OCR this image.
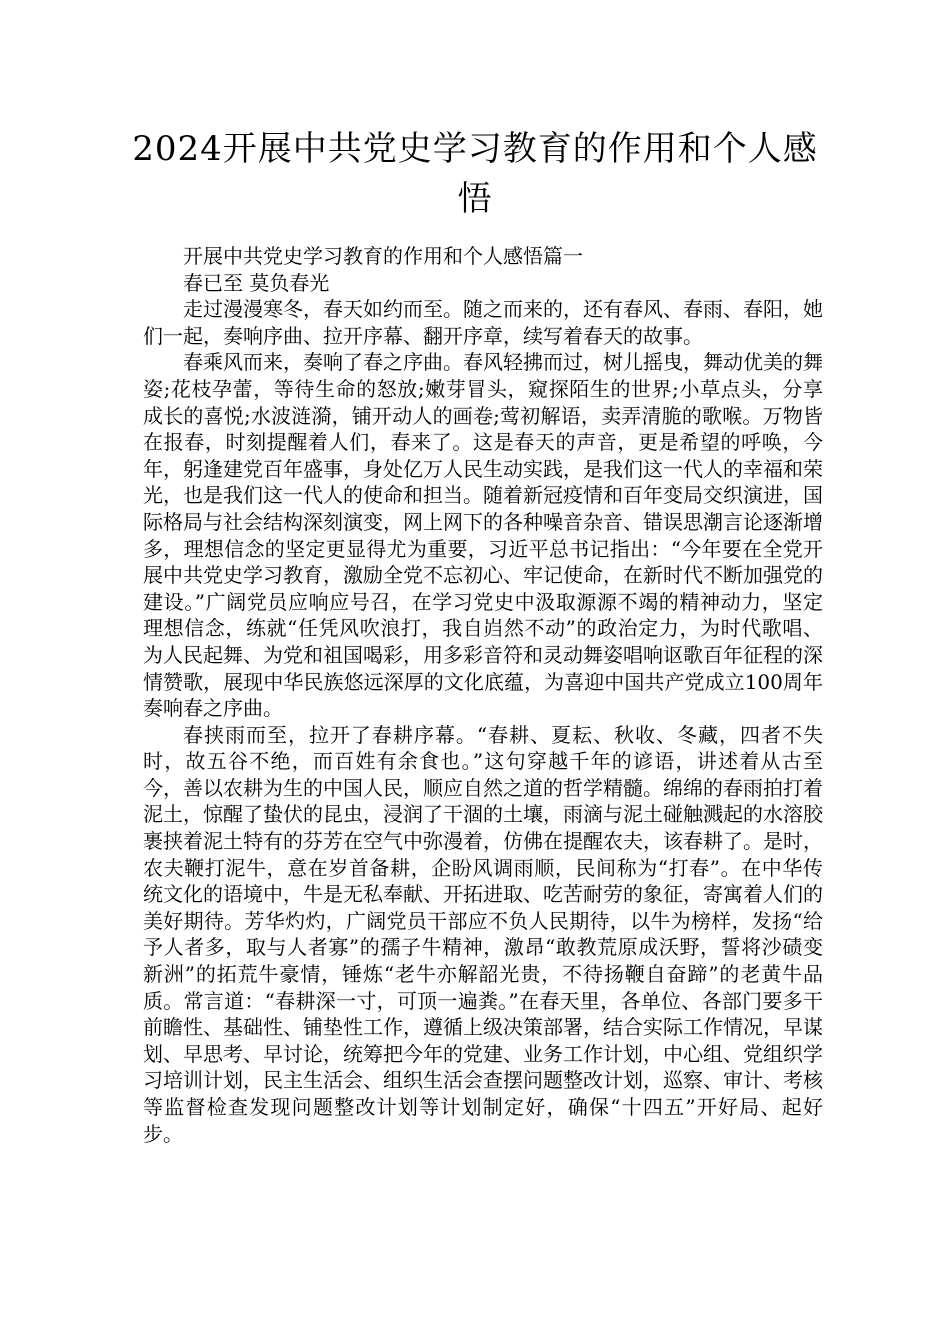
2024开展中共党史学习教育的作用和个人感悟

开展中共党史学习教育的作用和个人感悟篇一

春已至 莫负春光

走过漫漫寒冬，春天如约而至。随之而来的，还有春风、春雨、春阳，她们一起，奏响序曲、拉开序幕、翻开序章，续写着春天的故事。

春乘风而来，奏响了春之序曲。春风轻拂而过，树儿摇曳，舞动优美的舞姿;花枝孕蕾，等待生命的怒放;嫩芽冒头，窥探陌生的世界;小草点头，分享成长的喜悦;水波涟漪，铺开动人的画卷;莺初解语，卖弄清脆的歌喉。万物皆在报春，时刻提醒着人们，春来了。这是春天的声音，更是希望的呼唤，今年，躬逢建党百年盛事，身处亿万人民生动实践，是我们这一代人的幸福和荣光，也是我们这一代人的使命和担当。随着新冠疫情和百年变局交织演进，国际格局与社会结构深刻演变，网上网下的各种噪音杂音、错误思潮言论逐渐增多，理想信念的坚定更显得尤为重要，习近平总书记指出：“今年要在全党开展中共党史学习教育，激励全党不忘初心、牢记使命，在新时代不断加强党的建设。”广阔党员应响应号召，在学习党史中汲取源源不竭的精神动力，坚定理想信念，练就“任凭风吹浪打，我自岿然不动”的政治定力，为时代歌唱、为人民起舞、为党和祖国喝彩，用多彩音符和灵动舞姿唱响讴歌百年征程的深情赞歌，展现中华民族悠远深厚的文化底蕴，为喜迎中国共产党成立100周年奏响春之序曲。

春挟雨而至，拉开了春耕序幕。“春耕、夏耘、秋收、冬藏，四者不失时，故五谷不绝，而百姓有余食也。”这句穿越千年的谚语，讲述着从古至今，善以农耕为生的中国人民，顺应自然之道的哲学精髓。绵绵的春雨拍打着泥土，惊醒了蛰伏的昆虫，浸润了干涸的土壤，雨滴与泥土碰触溅起的水溶胶裹挟着泥土特有的芬芳在空气中弥漫着，仿佛在提醒农夫，该春耕了。是时，农夫鞭打泥牛，意在岁首备耕，企盼风调雨顺，民间称为“打春”。在中华传统文化的语境中，牛是无私奉献、开拓进取、吃苦耐劳的象征，寄寓着人们的美好期待。芳华灼灼，广阔党员干部应不负人民期待，以牛为榜样，发扬“给予人者多，取与人者寡”的孺子牛精神，激昂“敢教荒原成沃野，誓将沙碛变新洲”的拓荒牛豪情，锤炼“老牛亦解韶光贵，不待扬鞭自奋蹄”的老黄牛品质。常言道：“春耕深一寸，可顶一遍粪。”在春天里，各单位、各部门要多干前瞻性、基础性、铺垫性工作，遵循上级决策部署，结合实际工作情况，早谋划、早思考、早讨论，统筹把今年的党建、业务工作计划，中心组、党组织学习培训计划，民主生活会、组织生活会查摆问题整改计划，巡察、审计、考核等监督检查发现问题整改计划等计划制定好，确保“十四五”开好局、起好步。
